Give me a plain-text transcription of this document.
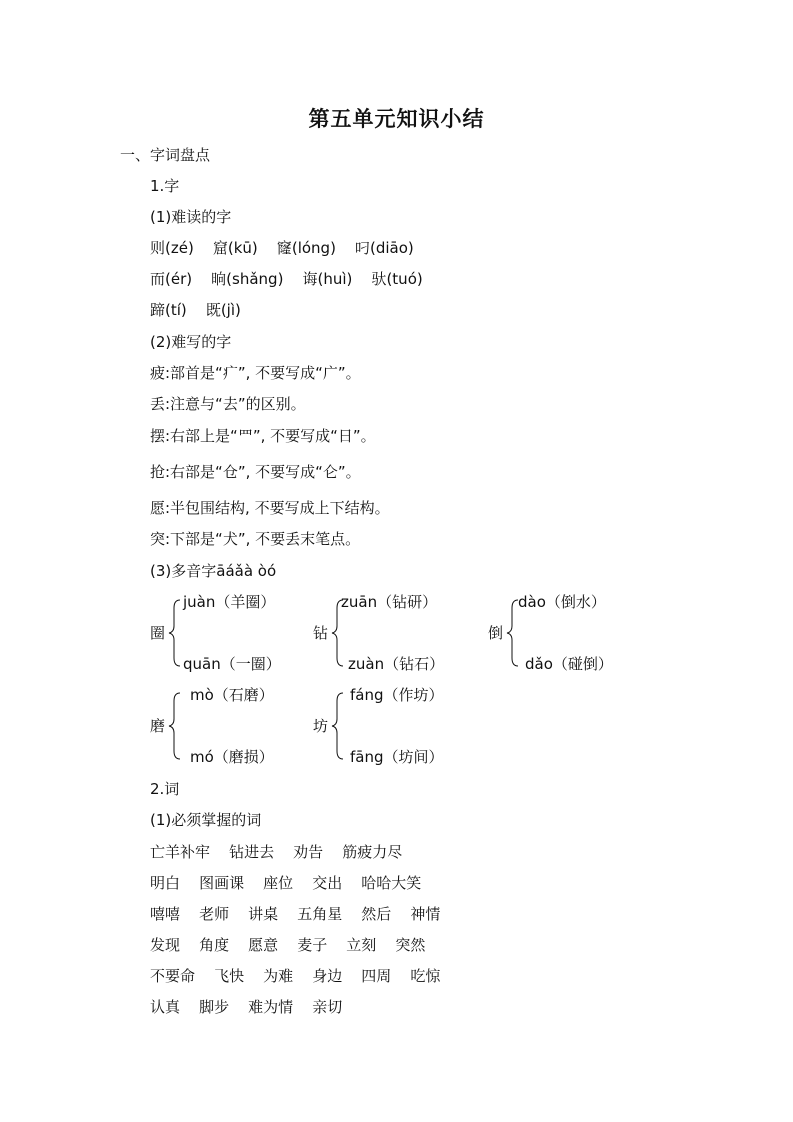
第五单元知识小结
一、字词盘点
1.字
(1)难读的字
则(zé)    窟(kū)    窿(lóng)    叼(diāo)
而(ér)    晌(shǎng)    诲(huì)    驮(tuó)
蹄(tí)    既(jì)
(2)难写的字
疲:部首是“疒”, 不要写成“广”。
丢:注意与“去”的区别。
摆:右部上是“罒”, 不要写成“日”。
抢:右部是“仓”, 不要写成“仑”。
愿:半包围结构, 不要写成上下结构。
突:下部是“犬”, 不要丢末笔点。
(3)多音字āáǎà òó
圈
juàn（羊圈）
quān（一圈）
钻
zuān（钻研）
zuàn（钻石）
倒
dào（倒水）
dǎo（碰倒）
磨
mò（石磨）
mó（磨损）
坊
fáng（作坊）
fāng（坊间）
2.词
(1)必须掌握的词
亡羊补牢    钻进去    劝告    筋疲力尽
明白    图画课    座位    交出    哈哈大笑
嘻嘻    老师    讲桌    五角星    然后    神情
发现    角度    愿意    麦子    立刻    突然
不要命    飞快    为难    身边    四周    吃惊
认真    脚步    难为情    亲切
